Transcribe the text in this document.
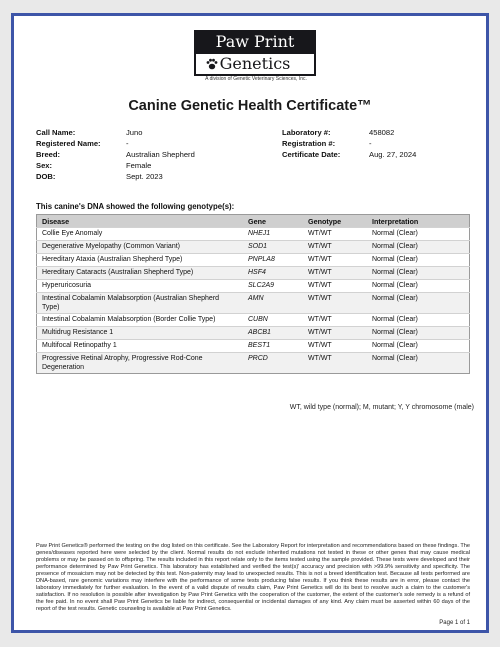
Paw Print
Genetics
A division of Genetic Veterinary Sciences, Inc.
Canine Genetic Health Certificate™
Call Name:	Juno
Registered Name:	-
Breed:	Australian Shepherd
Sex:	Female
DOB:	Sept. 2023
Laboratory #:	458082
Registration #:	-
Certificate Date:	Aug. 27, 2024
This canine's DNA showed the following genotype(s):
Disease	Gene	Genotype	Interpretation
Collie Eye Anomaly	NHEJ1	WT/WT	Normal (Clear)
Degenerative Myelopathy (Common Variant)	SOD1	WT/WT	Normal (Clear)
Hereditary Ataxia (Australian Shepherd Type)	PNPLA8	WT/WT	Normal (Clear)
Hereditary Cataracts (Australian Shepherd Type)	HSF4	WT/WT	Normal (Clear)
Hyperuricosuria	SLC2A9	WT/WT	Normal (Clear)
Intestinal Cobalamin Malabsorption (Australian Shepherd Type)	AMN	WT/WT	Normal (Clear)
Intestinal Cobalamin Malabsorption (Border Collie Type)	CUBN	WT/WT	Normal (Clear)
Multidrug Resistance 1	ABCB1	WT/WT	Normal (Clear)
Multifocal Retinopathy 1	BEST1	WT/WT	Normal (Clear)
Progressive Retinal Atrophy, Progressive Rod-Cone Degeneration	PRCD	WT/WT	Normal (Clear)
WT, wild type (normal); M, mutant; Y, Y chromosome (male)
Paw Print Genetics® performed the testing on the dog listed on this certificate. See the Laboratory Report for interpretation and recommendations based on these findings. The genes/diseases reported here were selected by the client. Normal results do not exclude inherited mutations not tested in these or other genes that may cause medical problems or may be passed on to offspring. The results included in this report relate only to the items tested using the sample provided. These tests were developed and their performance determined by Paw Print Genetics. This laboratory has established and verified the test(s)' accuracy and precision with >99.9% sensitivity and specificity. The presence of mosaicism may not be detected by this test. Non-paternity may lead to unexpected results. This is not a breed identification test. Because all tests performed are DNA-based, rare genomic variations may interfere with the performance of some tests producing false results. If you think these results are in error, please contact the laboratory immediately for further evaluation. In the event of a valid dispute of results claim, Paw Print Genetics will do its best to resolve such a claim to the customer's satisfaction. If no resolution is possible after investigation by Paw Print Genetics with the cooperation of the customer, the extent of the customer's sole remedy is a refund of the fee paid. In no event shall Paw Print Genetics be liable for indirect, consequential or incidental damages of any kind. Any claim must be asserted within 60 days of the report of the test results. Genetic counseling is available at Paw Print Genetics.
Page 1 of 1
